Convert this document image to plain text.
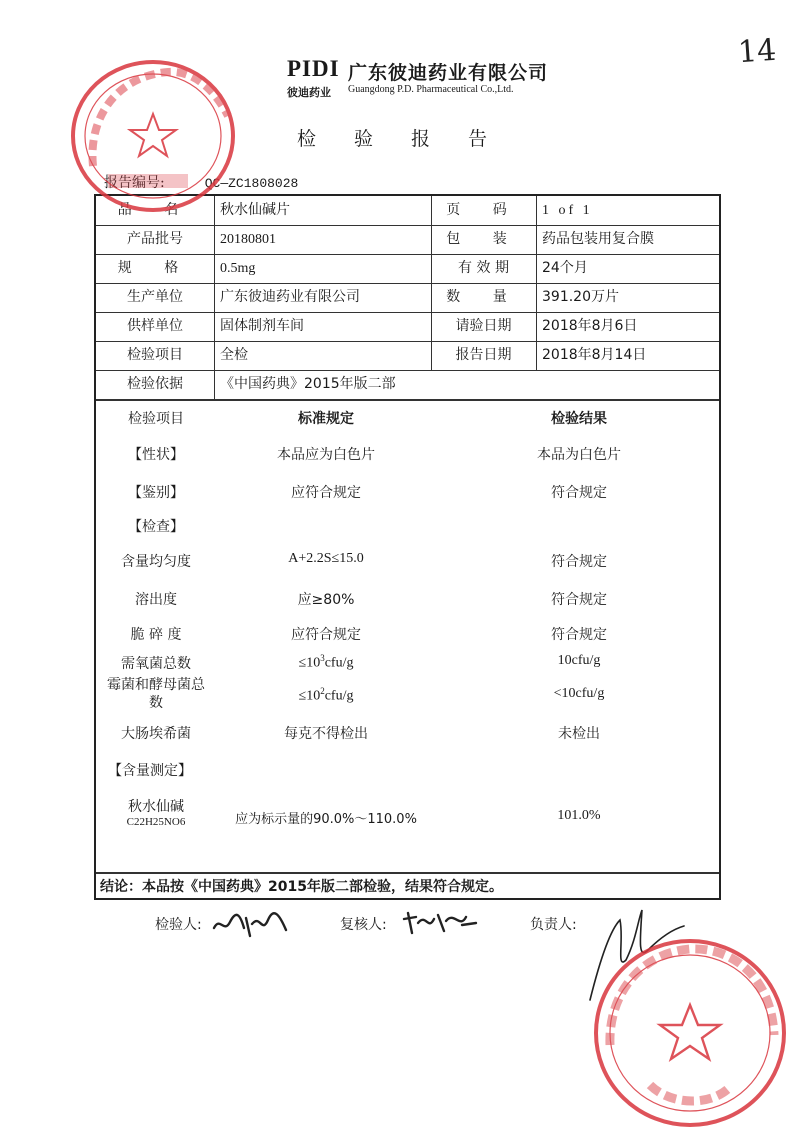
14
PIDI
彼迪药业
广东彼迪药业有限公司
Guangdong P.D. Pharmaceutical Co.,Ltd.
检 验 报 告
报告编号:	QC—ZC1808028
品 名	秋水仙碱片	页 码	1 of 1
产品批号	20180801	包 装	药品包装用复合膜
规 格	0.5mg	有 效 期	24个月
生产单位	广东彼迪药业有限公司	数 量	391.20万片
供样单位	固体制剂车间	请验日期	2018年8月6日
检验项目	全检	报告日期	2018年8月14日
检验依据	《中国药典》2015年版二部
检验项目	标准规定	检验结果
【性状】	本品应为白色片	本品为白色片
【鉴别】	应符合规定	符合规定
【检查】
含量均匀度	A+2.2S≤15.0	符合规定
溶出度	应≥80%	符合规定
脆 碎 度	应符合规定	符合规定
需氧菌总数	$\le 10^3cfu/g$	10cfu/g
霉菌和酵母菌总
数	$\le 10^2cfu/g$	<10cfu/g
大肠埃希菌	每克不得检出	未检出
【含量测定】
秋水仙碱
C22H25NO6	应为标示量的90.0%～110.0%	101.0%
结论：本品按《中国药典》2015年版二部检验，结果符合规定。
检验人:	复核人:	负责人:
